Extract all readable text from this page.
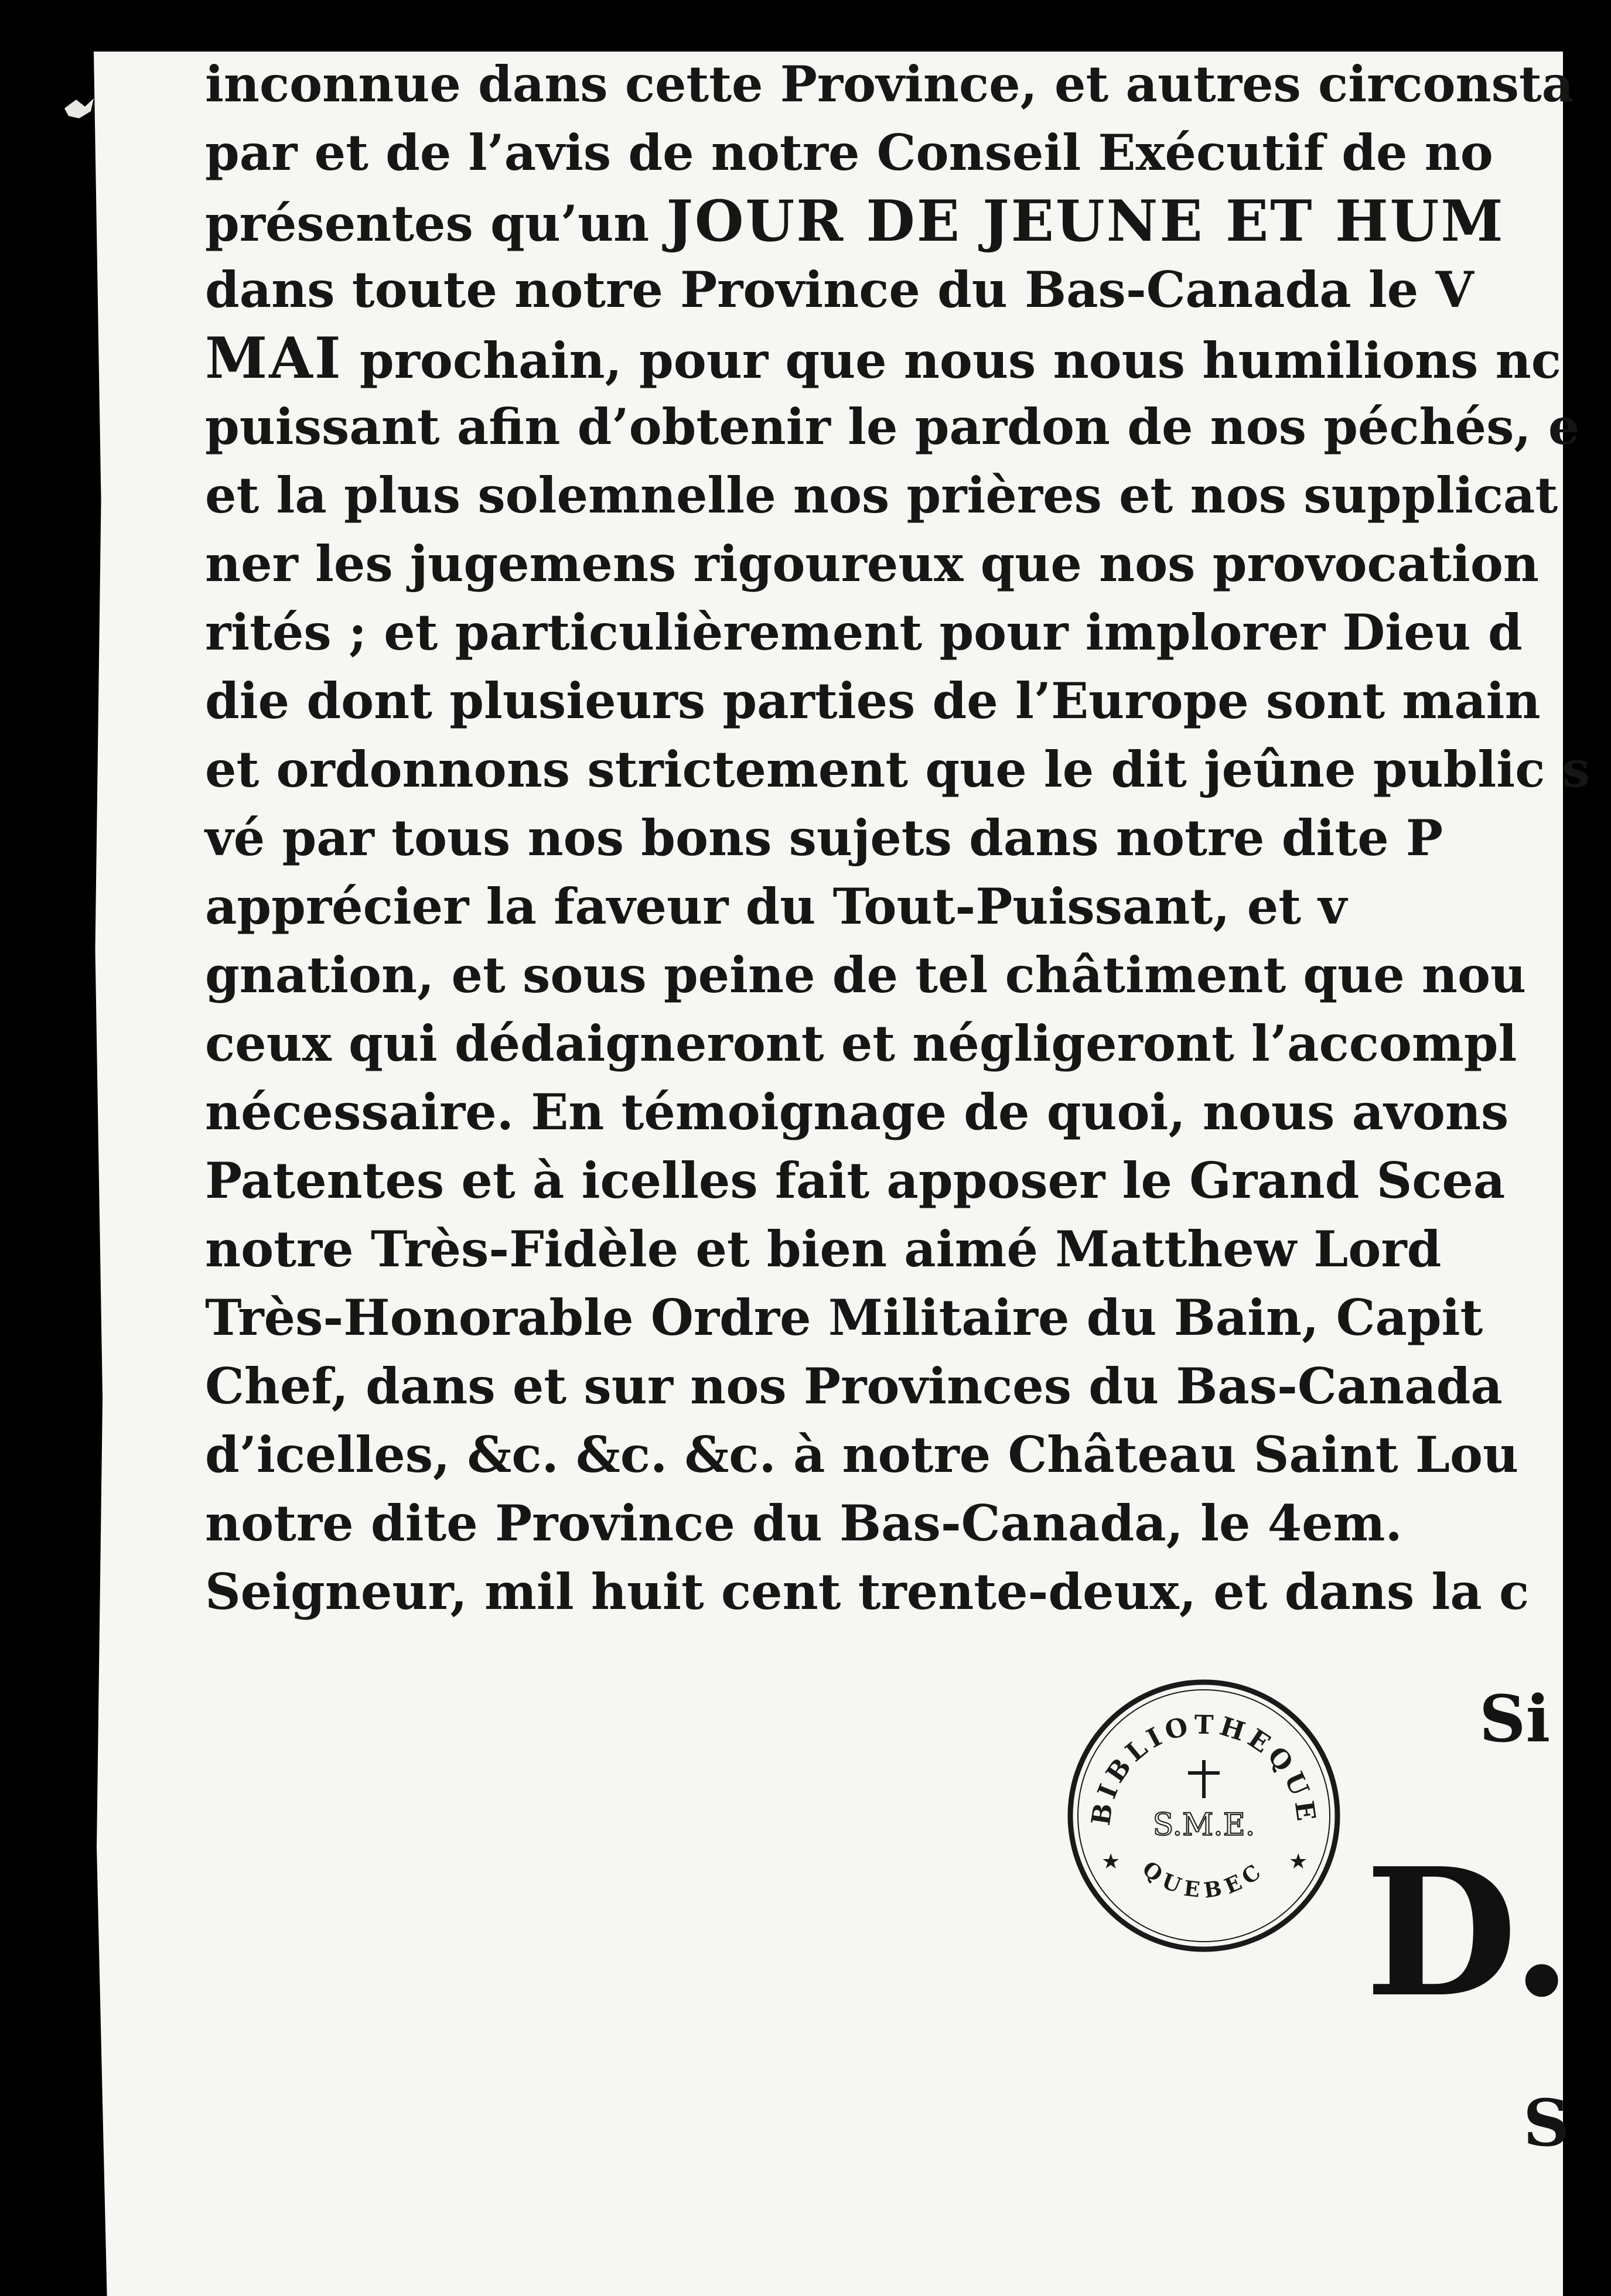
inconnue dans cette Province, et autres circonsta
par et de l’avis de notre Conseil Exécutif de no
présentes qu’un JOUR DE JEUNE ET HUM
dans toute notre Province du Bas-Canada le V
MAI prochain, pour que nous nous humilions nc
puissant afin d’obtenir le pardon de nos péchés, e
et la plus solemnelle nos prières et nos supplicat
ner les jugemens rigoureux que nos provocation
rités ; et particulièrement pour implorer Dieu d
die dont plusieurs parties de l’Europe sont main
et ordonnons strictement que le dit jeûne public s
vé par tous nos bons sujets dans notre dite P
apprécier la faveur du Tout-Puissant, et v
gnation, et sous peine de tel châtiment que nou
ceux qui dédaigneront et négligeront l’accompl
nécessaire. En témoignage de quoi, nous avons
Patentes et à icelles fait apposer le Grand Scea
notre Très-Fidèle et bien aimé Matthew Lord
Très-Honorable Ordre Militaire du Bain, Capit
Chef, dans et sur nos Provinces du Bas-Canada
d’icelles, &c. &c. &c. à notre Château Saint Lou
notre dite Province du Bas-Canada, le 4em.
Seigneur, mil huit cent trente-deux, et dans la c
BIBLIOTHEQUE
QUEBEC
★	★
S.M.E.
Si
D.
S
